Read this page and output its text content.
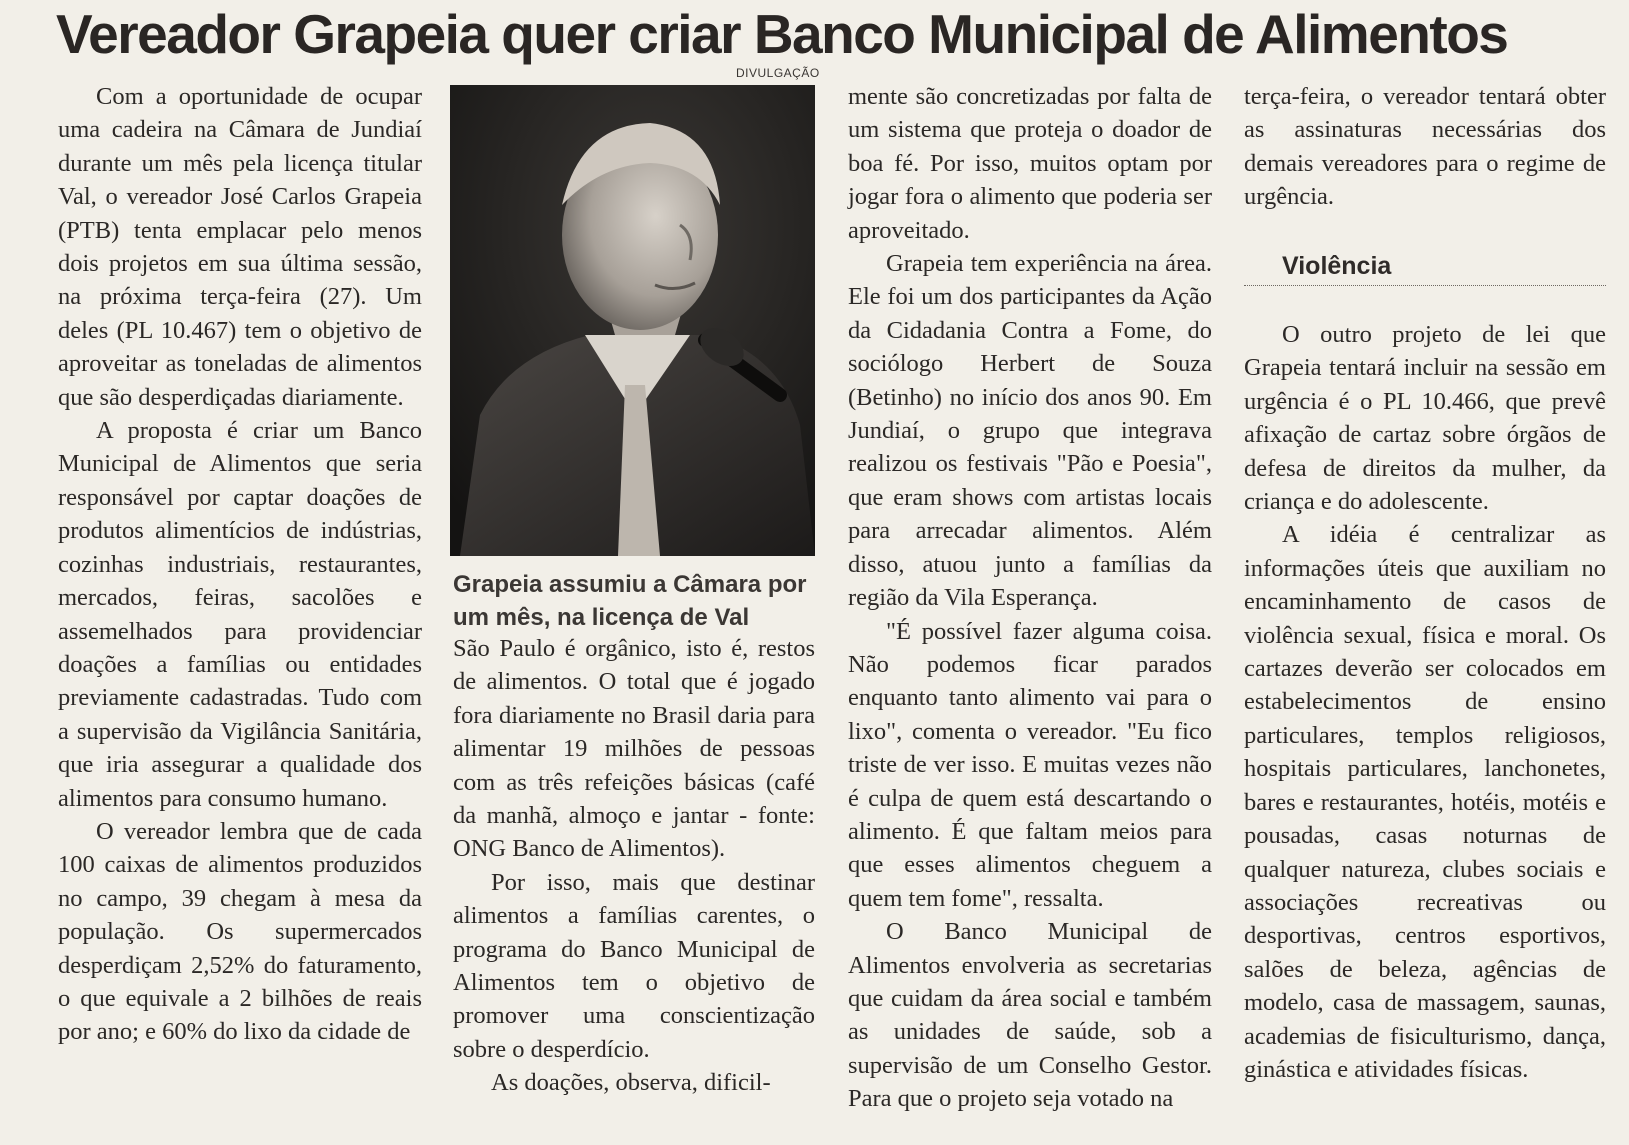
Vereador Grapeia quer criar Banco Municipal de Alimentos

Com a oportunidade de ocupar uma cadeira na Câmara de Jundiaí durante um mês pela licença titular Val, o vereador José Carlos Grapeia (PTB) tenta emplacar pelo menos dois projetos em sua última sessão, na próxima terça-feira (27). Um deles (PL 10.467) tem o objetivo de aproveitar as toneladas de alimentos que são desperdiçadas diariamente.

A proposta é criar um Banco Municipal de Alimentos que seria responsável por captar doações de produtos alimentícios de indústrias, cozinhas industriais, restaurantes, mercados, feiras, sacolões e assemelhados para providenciar doações a famílias ou entidades previamente cadastradas. Tudo com a supervisão da Vigilância Sanitária, que iria assegurar a qualidade dos alimentos para consumo humano.

O vereador lembra que de cada 100 caixas de alimentos produzidos no campo, 39 chegam à mesa da população. Os supermercados desperdiçam 2,52% do faturamento, o que equivale a 2 bilhões de reais por ano; e 60% do lixo da cidade de

DIVULGAÇÃO
Grapeia assumiu a Câmara por um mês, na licença de Val

São Paulo é orgânico, isto é, restos de alimentos. O total que é jogado fora diariamente no Brasil daria para alimentar 19 milhões de pessoas com as três refeições básicas (café da manhã, almoço e jantar - fonte: ONG Banco de Alimentos).

Por isso, mais que destinar alimentos a famílias carentes, o programa do Banco Municipal de Alimentos tem o objetivo de promover uma conscientização sobre o desperdício.

As doações, observa, dificil-

mente são concretizadas por falta de um sistema que proteja o doador de boa fé. Por isso, muitos optam por jogar fora o alimento que poderia ser aproveitado.

Grapeia tem experiência na área. Ele foi um dos participantes da Ação da Cidadania Contra a Fome, do sociólogo Herbert de Souza (Betinho) no início dos anos 90. Em Jundiaí, o grupo que integrava realizou os festivais "Pão e Poesia", que eram shows com artistas locais para arrecadar alimentos. Além disso, atuou junto a famílias da região da Vila Esperança.

"É possível fazer alguma coisa. Não podemos ficar parados enquanto tanto alimento vai para o lixo", comenta o vereador. "Eu fico triste de ver isso. E muitas vezes não é culpa de quem está descartando o alimento. É que faltam meios para que esses alimentos cheguem a quem tem fome", ressalta.

O Banco Municipal de Alimentos envolveria as secretarias que cuidam da área social e também as unidades de saúde, sob a supervisão de um Conselho Gestor. Para que o projeto seja votado na

terça-feira, o vereador tentará obter as assinaturas necessárias dos demais vereadores para o regime de urgência.

Violência

O outro projeto de lei que Grapeia tentará incluir na sessão em urgência é o PL 10.466, que prevê afixação de cartaz sobre órgãos de defesa de direitos da mulher, da criança e do adolescente.

A idéia é centralizar as informações úteis que auxiliam no encaminhamento de casos de violência sexual, física e moral. Os cartazes deverão ser colocados em estabelecimentos de ensino particulares, templos religiosos, hospitais particulares, lanchonetes, bares e restaurantes, hotéis, motéis e pousadas, casas noturnas de qualquer natureza, clubes sociais e associações recreativas ou desportivas, centros esportivos, salões de beleza, agências de modelo, casa de massagem, saunas, academias de fisiculturismo, dança, ginástica e atividades físicas.
